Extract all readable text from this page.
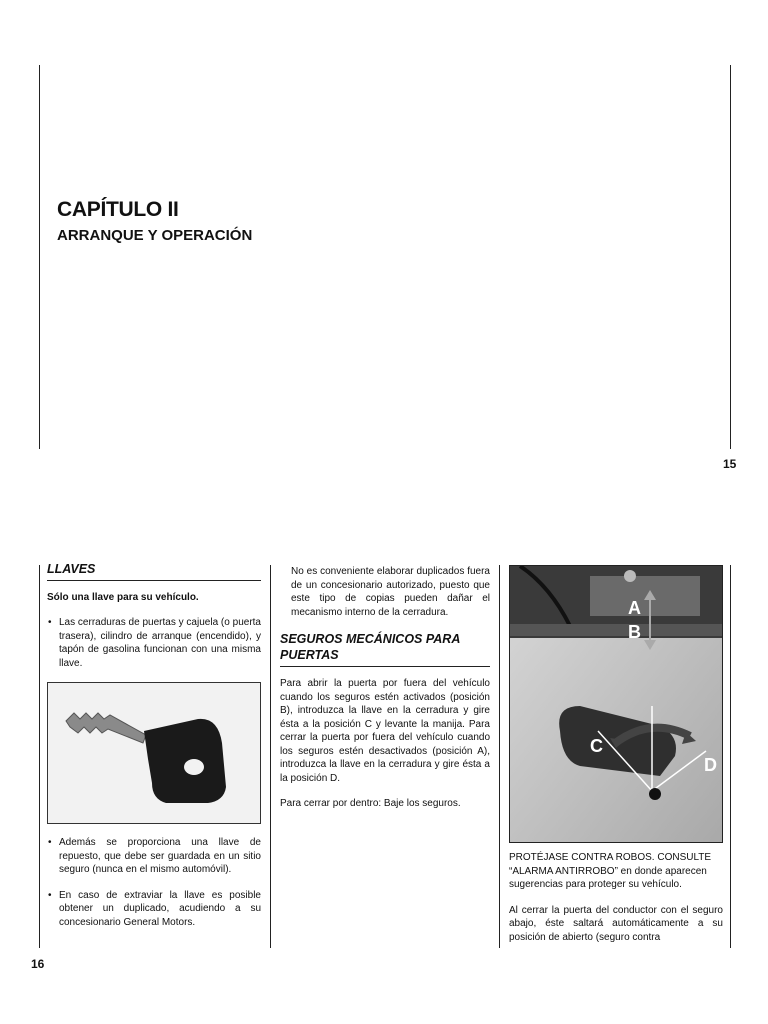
CAPÍTULO II
ARRANQUE Y OPERACIÓN
15
LLAVES

Sólo una llave para su vehículo.

• Las cerraduras de puertas y cajuela (o puerta trasera), cilindro de arranque (encendido), y tapón de gasolina funcionan con una misma llave.
• Además se proporciona una llave de repuesto, que debe ser guardada en un sitio seguro (nunca en el mismo automóvil).
• En caso de extraviar la llave es posible obtener un duplicado, acudiendo a su concesionario General Motors.

No es conveniente elaborar duplicados fuera de un concesionario autorizado, puesto que este tipo de copias pueden dañar el mecanismo interno de la cerradura.

SEGUROS MECÁNICOS PARA PUERTAS

Para abrir la puerta por fuera del vehículo cuando los seguros estén activados (posición B), introduzca la llave en la cerradura y gire ésta a la posición C y levante la manija. Para cerrar la puerta por fuera del vehículo cuando los seguros estén desactivados (posición A), introduzca la llave en la cerradura y gire ésta a la posición D.

Para cerrar por dentro: Baje los seguros.

A
B
C
D

PROTÉJASE CONTRA ROBOS. CONSULTE “ALARMA ANTIRROBO” en donde aparecen sugerencias para proteger su vehículo.

Al cerrar la puerta del conductor con el seguro abajo, éste saltará automáticamente a su posición de abierto (seguro contra

16
